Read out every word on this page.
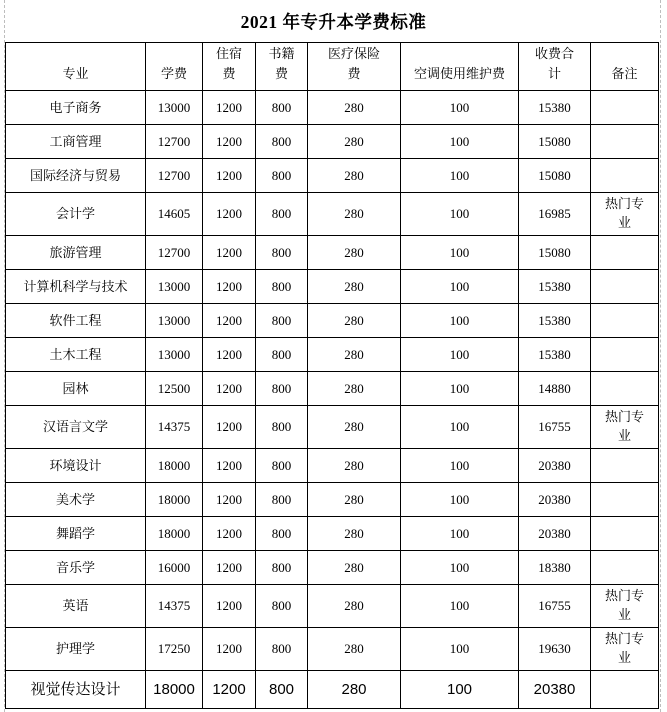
2021 年专升本学费标准
专业	学费	住宿费	书籍费	医疗保险费	空调使用维护费	收费合计	备注
电子商务	13000	1200	800	280	100	15380	
工商管理	12700	1200	800	280	100	15080	
国际经济与贸易	12700	1200	800	280	100	15080	
会计学	14605	1200	800	280	100	16985	热门专业
旅游管理	12700	1200	800	280	100	15080	
计算机科学与技术	13000	1200	800	280	100	15380	
软件工程	13000	1200	800	280	100	15380	
土木工程	13000	1200	800	280	100	15380	
园林	12500	1200	800	280	100	14880	
汉语言文学	14375	1200	800	280	100	16755	热门专业
环境设计	18000	1200	800	280	100	20380	
美术学	18000	1200	800	280	100	20380	
舞蹈学	18000	1200	800	280	100	20380	
音乐学	16000	1200	800	280	100	18380	
英语	14375	1200	800	280	100	16755	热门专业
护理学	17250	1200	800	280	100	19630	热门专业
视觉传达设计	18000	1200	800	280	100	20380	
